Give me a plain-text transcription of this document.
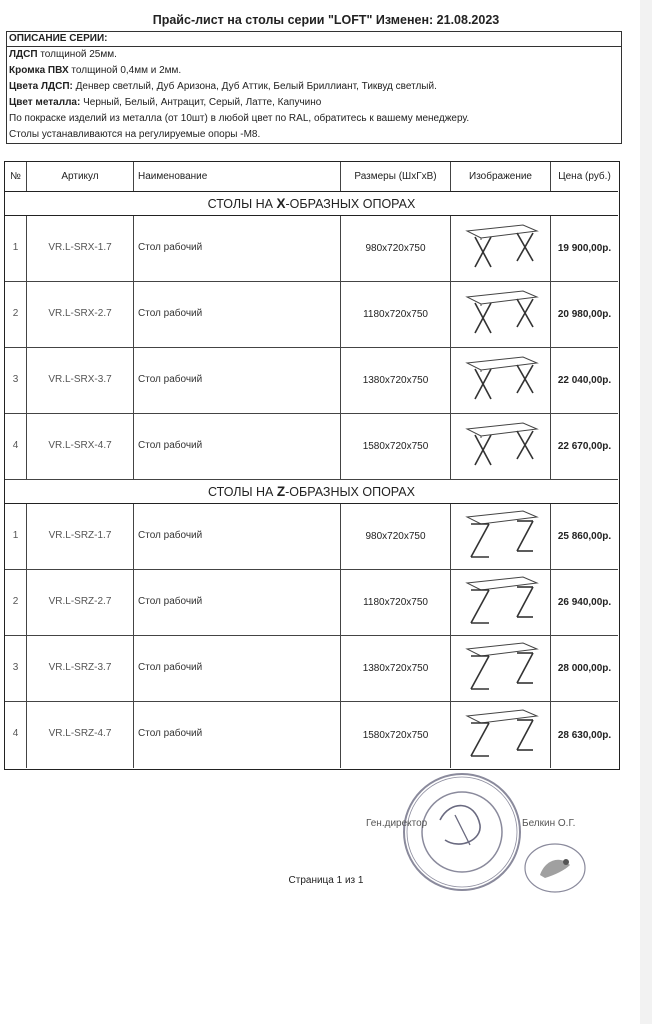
Прайс-лист на столы серии "LOFT" Изменен: 21.08.2023
ОПИСАНИЕ СЕРИИ:
ЛДСП толщиной 25мм.
Кромка ПВХ толщиной 0,4мм и 2мм.
Цвета ЛДСП: Денвер светлый, Дуб Аризона, Дуб Аттик, Белый Бриллиант, Тиквуд светлый.
Цвет металла: Черный, Белый, Антрацит, Серый, Латте, Капучино
По покраске изделий из металла (от 10шт) в любой цвет по RAL, обратитесь к вашему менеджеру.
Столы устанавливаются на регулируемые опоры -М8.
№	Артикул	Наименование	Размеры (ШхГхВ)	Изображение	Цена (руб.)
СТОЛЫ НА X -ОБРАЗНЫХ ОПОРАХ
1	VR.L-SRX-1.7	Стол рабочий	980x720x750	19 900,00р.
2	VR.L-SRX-2.7	Стол рабочий	1180x720x750	20 980,00р.
3	VR.L-SRX-3.7	Стол рабочий	1380x720x750	22 040,00р.
4	VR.L-SRX-4.7	Стол рабочий	1580x720x750	22 670,00р.
СТОЛЫ НА Z -ОБРАЗНЫХ ОПОРАХ
1	VR.L-SRZ-1.7	Стол рабочий	980x720x750	25 860,00р.
2	VR.L-SRZ-2.7	Стол рабочий	1180x720x750	26 940,00р.
3	VR.L-SRZ-3.7	Стол рабочий	1380x720x750	28 000,00р.
4	VR.L-SRZ-4.7	Стол рабочий	1580x720x750	28 630,00р.
Ген.директор	Белкин О.Г.
Страница 1 из 1
